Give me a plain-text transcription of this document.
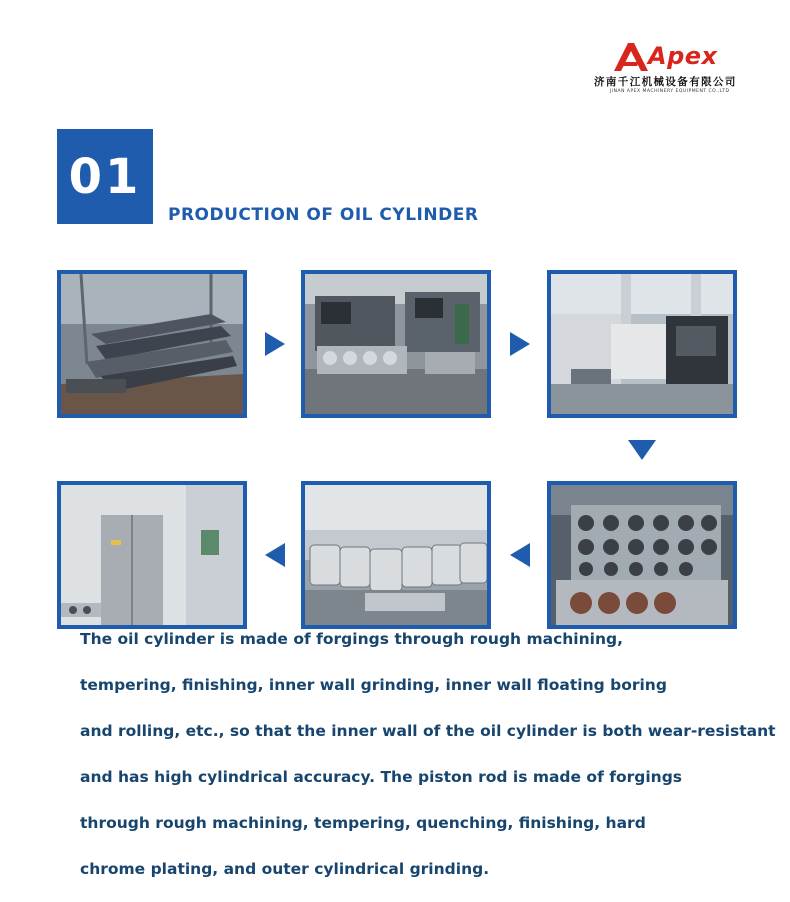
Apex
济南千江机械设备有限公司
JINAN APEX MACHINERY EQUIPMENT CO.,LTD
01
PRODUCTION OF OIL CYLINDER
The oil cylinder is made of forgings through rough machining,
tempering, finishing, inner wall grinding, inner wall floating boring
and rolling, etc., so that the inner wall of the oil cylinder is both wear-resistant
and has high cylindrical accuracy. The piston rod is made of forgings
through rough machining, tempering, quenching, finishing, hard
chrome plating, and outer cylindrical grinding.
